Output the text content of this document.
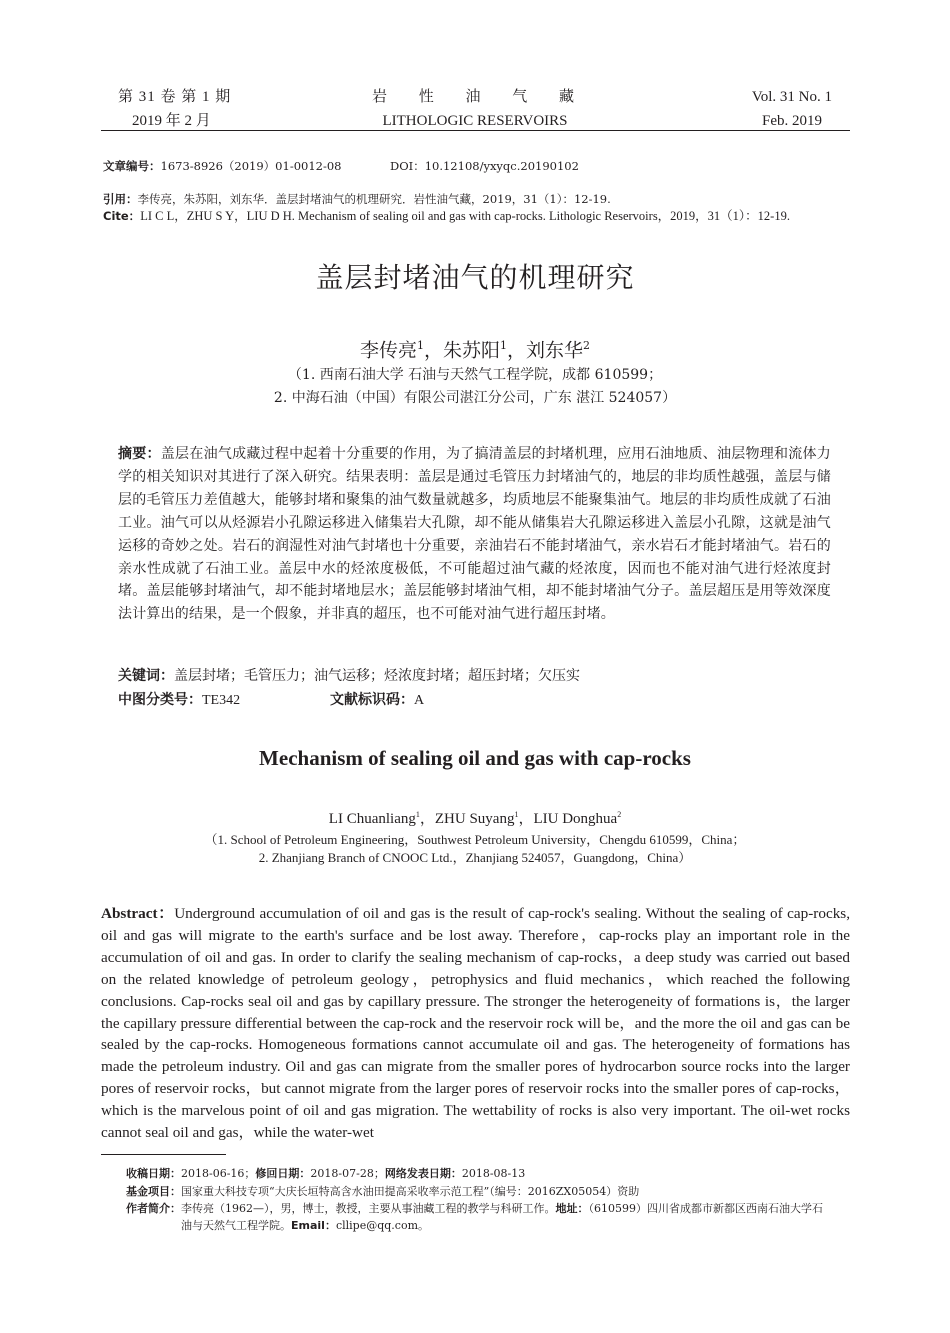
第 31 卷 第 1 期
2019 年 2 月
岩 性 油 气 藏
LITHOLOGIC RESERVOIRS
Vol. 31 No. 1
Feb. 2019
文章编号：1673-8926（2019）01-0012-08	DOI：10.12108/yxyqc.20190102
引用：李传亮，朱苏阳，刘东华．盖层封堵油气的机理研究．岩性油气藏，2019，31（1）：12-19.
Cite：LI C L，ZHU S Y，LIU D H. Mechanism of sealing oil and gas with cap-rocks. Lithologic Reservoirs，2019，31（1）：12-19.
盖层封堵油气的机理研究
李传亮$^1$，朱苏阳$^1$，刘东华$^2$
（1. 西南石油大学 石油与天然气工程学院，成都 610599；
2. 中海石油（中国）有限公司湛江分公司，广东 湛江 524057）
摘要：盖层在油气成藏过程中起着十分重要的作用，为了搞清盖层的封堵机理，应用石油地质、油层物理和流体力学的相关知识对其进行了深入研究。结果表明：盖层是通过毛管压力封堵油气的，地层的非均质性越强，盖层与储层的毛管压力差值越大，能够封堵和聚集的油气数量就越多，均质地层不能聚集油气。地层的非均质性成就了石油工业。油气可以从烃源岩小孔隙运移进入储集岩大孔隙，却不能从储集岩大孔隙运移进入盖层小孔隙，这就是油气运移的奇妙之处。岩石的润湿性对油气封堵也十分重要，亲油岩石不能封堵油气，亲水岩石才能封堵油气。岩石的亲水性成就了石油工业。盖层中水的烃浓度极低，不可能超过油气藏的烃浓度，因而也不能对油气进行烃浓度封堵。盖层能够封堵油气，却不能封堵地层水；盖层能够封堵油气相，却不能封堵油气分子。盖层超压是用等效深度法计算出的结果，是一个假象，并非真的超压，也不可能对油气进行超压封堵。
关键词：盖层封堵；毛管压力；油气运移；烃浓度封堵；超压封堵；欠压实
中图分类号：TE342	文献标识码：A
Mechanism of sealing oil and gas with cap-rocks
LI Chuanliang$^1$，ZHU Suyang$^1$，LIU Donghua$^2$
（1. School of Petroleum Engineering，Southwest Petroleum University，Chengdu 610599，China；
2. Zhanjiang Branch of CNOOC Ltd.，Zhanjiang 524057，Guangdong，China）
Abstract：Underground accumulation of oil and gas is the result of cap-rock's sealing. Without the sealing of cap-rocks, oil and gas will migrate to the earth's surface and be lost away. Therefore，cap-rocks play an important role in the accumulation of oil and gas. In order to clarify the sealing mechanism of cap-rocks，a deep study was carried out based on the related knowledge of petroleum geology，petrophysics and fluid mechanics，which reached the following conclusions. Cap-rocks seal oil and gas by capillary pressure. The stronger the heterogeneity of formations is，the larger the capillary pressure differential between the cap-rock and the reservoir rock will be，and the more the oil and gas can be sealed by the cap-rocks. Homogeneous formations cannot accumulate oil and gas. The heterogeneity of formations has made the petroleum industry. Oil and gas can migrate from the smaller pores of hydrocarbon source rocks into the larger pores of reservoir rocks，but cannot migrate from the larger pores of reservoir rocks into the smaller pores of cap-rocks，which is the marvelous point of oil and gas migration. The wettability of rocks is also very important. The oil-wet rocks cannot seal oil and gas，while the water-wet
收稿日期：2018-06-16；修回日期：2018-07-28；网络发表日期：2018-08-13
基金项目：国家重大科技专项“大庆长垣特高含水油田提高采收率示范工程”（编号：2016ZX05054）资助
作者简介：李传亮（1962—），男，博士，教授，主要从事油藏工程的教学与科研工作。地址：（610599）四川省成都市新都区西南石油大学石
油与天然气工程学院。Email：cllipe@qq.com。
